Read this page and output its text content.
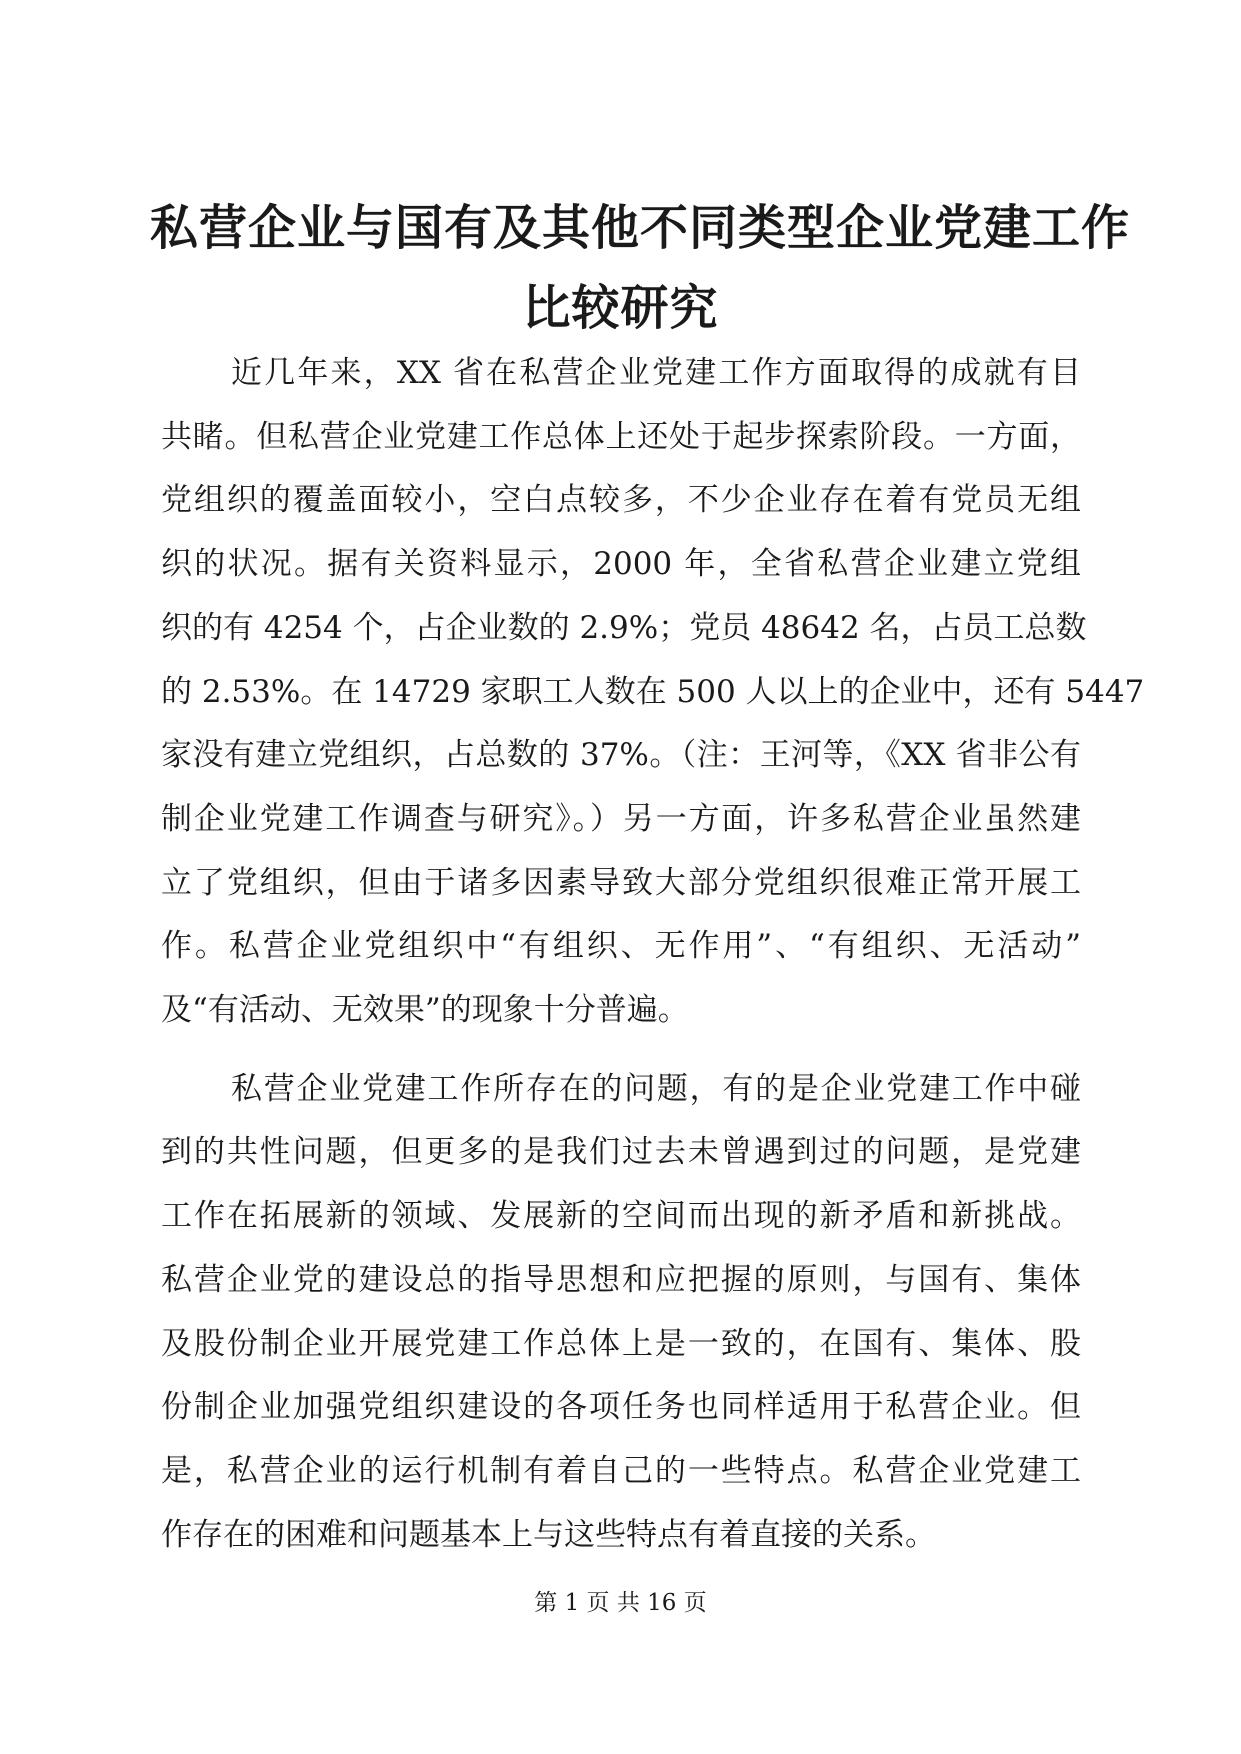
私营企业与国有及其他不同类型企业党建工作
比较研究

近几年来，XX 省在私营企业党建工作方面取得的成就有目
共睹。但私营企业党建工作总体上还处于起步探索阶段。一方面，
党组织的覆盖面较小，空白点较多，不少企业存在着有党员无组
织的状况。据有关资料显示，2000 年，全省私营企业建立党组
织的有 4254 个，占企业数的 2.9%；党员 48642 名，占员工总数
的 2.53%。在 14729 家职工人数在 500 人以上的企业中，还有 5447
家没有建立党组织，占总数的 37%。（注：王河等，《XX 省非公有
制企业党建工作调查与研究》。）另一方面，许多私营企业虽然建
立了党组织，但由于诸多因素导致大部分党组织很难正常开展工
作。私营企业党组织中“有组织、无作用”、“有组织、无活动”
及“有活动、无效果”的现象十分普遍。

私营企业党建工作所存在的问题，有的是企业党建工作中碰
到的共性问题，但更多的是我们过去未曾遇到过的问题，是党建
工作在拓展新的领域、发展新的空间而出现的新矛盾和新挑战。
私营企业党的建设总的指导思想和应把握的原则，与国有、集体
及股份制企业开展党建工作总体上是一致的，在国有、集体、股
份制企业加强党组织建设的各项任务也同样适用于私营企业。但
是，私营企业的运行机制有着自己的一些特点。私营企业党建工
作存在的困难和问题基本上与这些特点有着直接的关系。

第 1 页 共 16 页
